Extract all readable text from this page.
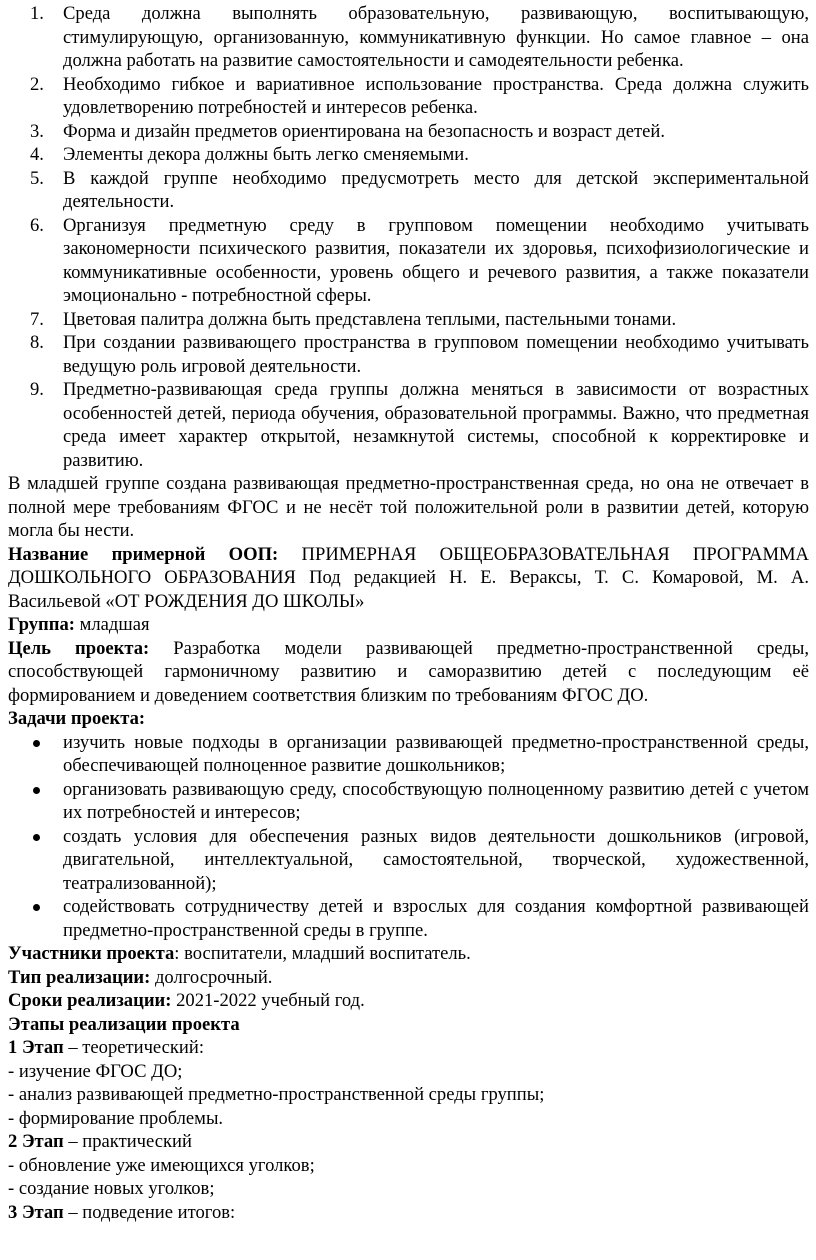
1. Среда должна выполнять образовательную, развивающую, воспитывающую, стимулирующую, организованную, коммуникативную функции. Но самое главное – она должна работать на развитие самостоятельности и самодеятельности ребенка.
2. Необходимо гибкое и вариативное использование пространства. Среда должна служить удовлетворению потребностей и интересов ребенка.
3. Форма и дизайн предметов ориентирована на безопасность и возраст детей.
4. Элементы декора должны быть легко сменяемыми.
5. В каждой группе необходимо предусмотреть место для детской экспериментальной деятельности.
6. Организуя предметную среду в групповом помещении необходимо учитывать закономерности психического развития, показатели их здоровья, психофизиологические и коммуникативные особенности, уровень общего и речевого развития, а также показатели эмоционально - потребностной сферы.
7. Цветовая палитра должна быть представлена теплыми, пастельными тонами.
8. При создании развивающего пространства в групповом помещении необходимо учитывать ведущую роль игровой деятельности.
9. Предметно-развивающая среда группы должна меняться в зависимости от возрастных особенностей детей, периода обучения, образовательной программы. Важно, что предметная среда имеет характер открытой, незамкнутой системы, способной к корректировке и развитию.

В младшей группе создана развивающая предметно-пространственная среда, но она не отвечает в полной мере требованиям ФГОС и не несёт той положительной роли в развитии детей, которую могла бы нести.

Название примерной ООП: ПРИМЕРНАЯ ОБЩЕОБРАЗОВАТЕЛЬНАЯ ПРОГРАММА ДОШКОЛЬНОГО ОБРАЗОВАНИЯ Под редакцией Н. Е. Вераксы, Т. С. Комаровой, М. А. Васильевой «ОТ РОЖДЕНИЯ ДО ШКОЛЫ»

Группа: младшая

Цель проекта: Разработка модели развивающей предметно-пространственной среды, способствующей гармоничному развитию и саморазвитию детей с последующим её формированием и доведением соответствия близким по требованиям ФГОС ДО.

Задачи проекта:

изучить новые подходы в организации развивающей предметно-пространственной среды, обеспечивающей полноценное развитие дошкольников;
организовать развивающую среду, способствующую полноценному развитию детей с учетом их потребностей и интересов;
создать условия для обеспечения разных видов деятельности дошкольников (игровой, двигательной, интеллектуальной, самостоятельной, творческой, художественной, театрализованной);
содействовать сотрудничеству детей и взрослых для создания комфортной развивающей предметно-пространственной среды в группе.

Участники проекта: воспитатели, младший воспитатель.

Тип реализации: долгосрочный.

Сроки реализации: 2021-2022 учебный год.

Этапы реализации проекта

1 Этап – теоретический:

- изучение ФГОС ДО;

- анализ развивающей предметно-пространственной среды группы;

- формирование проблемы.

2 Этап – практический

- обновление уже имеющихся уголков;

- создание новых уголков;

3 Этап – подведение итогов:
